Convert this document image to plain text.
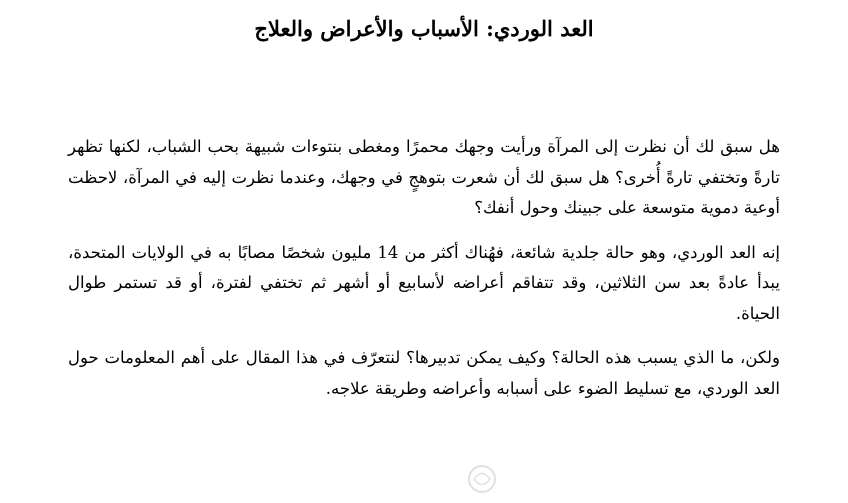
العد الوردي: الأسباب والأعراض والعلاج

هل سبق لك أن نظرت إلى المرآة ورأيت وجهك محمرًا ومغطى بنتوءات شبيهة بحب الشباب، لكنها تظهر تارةً وتختفي تارةً أُخرى؟ هل سبق لك أن شعرت بتوهجٍ في وجهك، وعندما نظرت إليه في المرآة، لاحظت أوعية دموية متوسعة على جبينك وحول أنفك؟

إنه العد الوردي، وهو حالة جلدية شائعة، فهُناك أكثر من 14 مليون شخصًا مصابًا به في الولايات المتحدة، يبدأ عادةً بعد سن الثلاثين، وقد تتفاقم أعراضه لأسابيع أو أشهر ثم تختفي لفترة، أو قد تستمر طوال الحياة.

ولكن، ما الذي يسبب هذه الحالة؟ وكيف يمكن تدبيرها؟ لنتعرّف في هذا المقال على أهم المعلومات حول العد الوردي، مع تسليط الضوء على أسبابه وأعراضه وطريقة علاجه.
